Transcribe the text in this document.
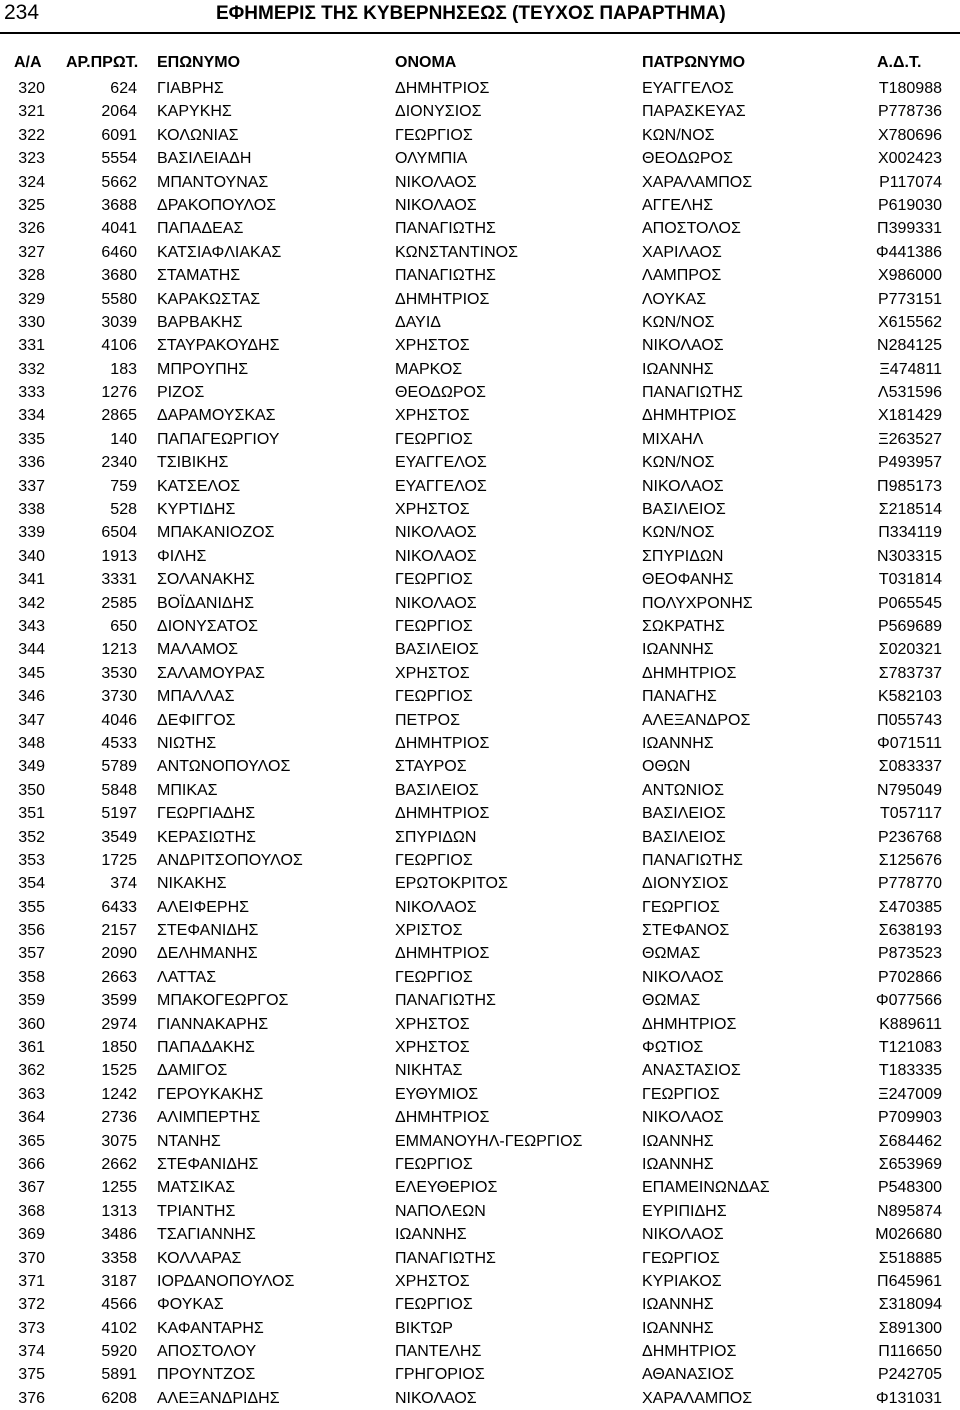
234	ΕΦΗΜΕΡΙΣ ΤΗΣ ΚΥΒΕΡΝΗΣΕΩΣ (ΤΕΥΧΟΣ ΠΑΡΑΡΤΗΜΑ)
Α/Α ΑΡ.ΠΡΩΤ. ΕΠΩΝΥΜΟ	ΟΝΟΜΑ	ΠΑΤΡΩΝΥΜΟ	Α.Δ.Τ.
320	624 ΓΙΑΒΡΗΣ	ΔΗΜΗΤΡΙΟΣ	ΕΥΑΓΓΕΛΟΣ	Τ180988
321	2064 ΚΑΡΥΚΗΣ	ΔΙΟΝΥΣΙΟΣ	ΠΑΡΑΣΚΕΥΑΣ	Ρ778736
322	6091 ΚΟΛΩΝΙΑΣ	ΓΕΩΡΓΙΟΣ	ΚΩΝ/ΝΟΣ	Χ780696
323	5554 ΒΑΣΙΛΕΙΑΔΗ	ΟΛΥΜΠΙΑ	ΘΕΟΔΩΡΟΣ	Χ002423
324	5662 ΜΠΑΝΤΟΥΝΑΣ	ΝΙΚΟΛΑΟΣ	ΧΑΡΑΛΑΜΠΟΣ	Ρ117074
325	3688 ΔΡΑΚΟΠΟΥΛΟΣ	ΝΙΚΟΛΑΟΣ	ΑΓΓΕΛΗΣ	Ρ619030
326	4041 ΠΑΠΑΔΕΑΣ	ΠΑΝΑΓΙΩΤΗΣ	ΑΠΟΣΤΟΛΟΣ	Π399331
327	6460 ΚΑΤΣΙΑΦΛΙΑΚΑΣ	ΚΩΝΣΤΑΝΤΙΝΟΣ	ΧΑΡΙΛΑΟΣ	Φ441386
328	3680 ΣΤΑΜΑΤΗΣ	ΠΑΝΑΓΙΩΤΗΣ	ΛΑΜΠΡΟΣ	Χ986000
329	5580 ΚΑΡΑΚΩΣΤΑΣ	ΔΗΜΗΤΡΙΟΣ	ΛΟΥΚΑΣ	Ρ773151
330	3039 ΒΑΡΒΑΚΗΣ	ΔΑΥΙΔ	ΚΩΝ/ΝΟΣ	Χ615562
331	4106 ΣΤΑΥΡΑΚΟΥΔΗΣ	ΧΡΗΣΤΟΣ	ΝΙΚΟΛΑΟΣ	Ν284125
332	183 ΜΠΡΟΥΠΗΣ	ΜΑΡΚΟΣ	ΙΩΑΝΝΗΣ	Ξ474811
333	1276 ΡΙΖΟΣ	ΘΕΟΔΩΡΟΣ	ΠΑΝΑΓΙΩΤΗΣ	Λ531596
334	2865 ΔΑΡΑΜΟΥΣΚΑΣ	ΧΡΗΣΤΟΣ	ΔΗΜΗΤΡΙΟΣ	Χ181429
335	140 ΠΑΠΑΓΕΩΡΓΙΟΥ	ΓΕΩΡΓΙΟΣ	ΜΙΧΑΗΛ	Ξ263527
336	2340 ΤΣΙΒΙΚΗΣ	ΕΥΑΓΓΕΛΟΣ	ΚΩΝ/ΝΟΣ	Ρ493957
337	759 ΚΑΤΣΕΛΟΣ	ΕΥΑΓΓΕΛΟΣ	ΝΙΚΟΛΑΟΣ	Π985173
338	528 ΚΥΡΤΙΔΗΣ	ΧΡΗΣΤΟΣ	ΒΑΣΙΛΕΙΟΣ	Σ218514
339	6504 ΜΠΑΚΑΝΙΟΖΟΣ	ΝΙΚΟΛΑΟΣ	ΚΩΝ/ΝΟΣ	Π334119
340	1913 ΦΙΛΗΣ	ΝΙΚΟΛΑΟΣ	ΣΠΥΡΙΔΩΝ	Ν303315
341	3331 ΣΟΛΑΝΑΚΗΣ	ΓΕΩΡΓΙΟΣ	ΘΕΟΦΑΝΗΣ	Τ031814
342	2585 ΒΟΪΔΑΝΙΔΗΣ	ΝΙΚΟΛΑΟΣ	ΠΟΛΥΧΡΟΝΗΣ	Ρ065545
343	650 ΔΙΟΝΥΣΑΤΟΣ	ΓΕΩΡΓΙΟΣ	ΣΩΚΡΑΤΗΣ	Ρ569689
344	1213 ΜΑΛΑΜΟΣ	ΒΑΣΙΛΕΙΟΣ	ΙΩΑΝΝΗΣ	Σ020321
345	3530 ΣΑΛΑΜΟΥΡΑΣ	ΧΡΗΣΤΟΣ	ΔΗΜΗΤΡΙΟΣ	Σ783737
346	3730 ΜΠΑΛΛΑΣ	ΓΕΩΡΓΙΟΣ	ΠΑΝΑΓΗΣ	Κ582103
347	4046 ΔΕΦΙΓΓΟΣ	ΠΕΤΡΟΣ	ΑΛΕΞΑΝΔΡΟΣ	Π055743
348	4533 ΝΙΩΤΗΣ	ΔΗΜΗΤΡΙΟΣ	ΙΩΑΝΝΗΣ	Φ071511
349	5789 ΑΝΤΩΝΟΠΟΥΛΟΣ	ΣΤΑΥΡΟΣ	ΟΘΩΝ	Σ083337
350	5848 ΜΠΙΚΑΣ	ΒΑΣΙΛΕΙΟΣ	ΑΝΤΩΝΙΟΣ	Ν795049
351	5197 ΓΕΩΡΓΙΑΔΗΣ	ΔΗΜΗΤΡΙΟΣ	ΒΑΣΙΛΕΙΟΣ	Τ057117
352	3549 ΚΕΡΑΣΙΩΤΗΣ	ΣΠΥΡΙΔΩΝ	ΒΑΣΙΛΕΙΟΣ	Ρ236768
353	1725 ΑΝΔΡΙΤΣΟΠΟΥΛΟΣ	ΓΕΩΡΓΙΟΣ	ΠΑΝΑΓΙΩΤΗΣ	Σ125676
354	374 ΝΙΚΑΚΗΣ	ΕΡΩΤΟΚΡΙΤΟΣ	ΔΙΟΝΥΣΙΟΣ	Ρ778770
355	6433 ΑΛΕΙΦΕΡΗΣ	ΝΙΚΟΛΑΟΣ	ΓΕΩΡΓΙΟΣ	Σ470385
356	2157 ΣΤΕΦΑΝΙΔΗΣ	ΧΡΙΣΤΟΣ	ΣΤΕΦΑΝΟΣ	Σ638193
357	2090 ΔΕΛΗΜΑΝΗΣ	ΔΗΜΗΤΡΙΟΣ	ΘΩΜΑΣ	Ρ873523
358	2663 ΛΑΤΤΑΣ	ΓΕΩΡΓΙΟΣ	ΝΙΚΟΛΑΟΣ	Ρ702866
359	3599 ΜΠΑΚΟΓΕΩΡΓΟΣ	ΠΑΝΑΓΙΩΤΗΣ	ΘΩΜΑΣ	Φ077566
360	2974 ΓΙΑΝΝΑΚΑΡΗΣ	ΧΡΗΣΤΟΣ	ΔΗΜΗΤΡΙΟΣ	Κ889611
361	1850 ΠΑΠΑΔΑΚΗΣ	ΧΡΗΣΤΟΣ	ΦΩΤΙΟΣ	Τ121083
362	1525 ΔΑΜΙΓΟΣ	ΝΙΚΗΤΑΣ	ΑΝΑΣΤΑΣΙΟΣ	Τ183335
363	1242 ΓΕΡΟΥΚΑΚΗΣ	ΕΥΘΥΜΙΟΣ	ΓΕΩΡΓΙΟΣ	Ξ247009
364	2736 ΑΛΙΜΠΕΡΤΗΣ	ΔΗΜΗΤΡΙΟΣ	ΝΙΚΟΛΑΟΣ	Ρ709903
365	3075 ΝΤΑΝΗΣ	ΕΜΜΑΝΟΥΗΛ-ΓΕΩΡΓΙΟΣ	ΙΩΑΝΝΗΣ	Σ684462
366	2662 ΣΤΕΦΑΝΙΔΗΣ	ΓΕΩΡΓΙΟΣ	ΙΩΑΝΝΗΣ	Σ653969
367	1255 ΜΑΤΣΙΚΑΣ	ΕΛΕΥΘΕΡΙΟΣ	ΕΠΑΜΕΙΝΩΝΔΑΣ	Ρ548300
368	1313 ΤΡΙΑΝΤΗΣ	ΝΑΠΟΛΕΩΝ	ΕΥΡΙΠΙΔΗΣ	Ν895874
369	3486 ΤΣΑΓΙΑΝΝΗΣ	ΙΩΑΝΝΗΣ	ΝΙΚΟΛΑΟΣ	Μ026680
370	3358 ΚΟΛΛΑΡΑΣ	ΠΑΝΑΓΙΩΤΗΣ	ΓΕΩΡΓΙΟΣ	Σ518885
371	3187 ΙΟΡΔΑΝΟΠΟΥΛΟΣ	ΧΡΗΣΤΟΣ	ΚΥΡΙΑΚΟΣ	Π645961
372	4566 ΦΟΥΚΑΣ	ΓΕΩΡΓΙΟΣ	ΙΩΑΝΝΗΣ	Σ318094
373	4102 ΚΑΦΑΝΤΑΡΗΣ	ΒΙΚΤΩΡ	ΙΩΑΝΝΗΣ	Σ891300
374	5920 ΑΠΟΣΤΟΛΟΥ	ΠΑΝΤΕΛΗΣ	ΔΗΜΗΤΡΙΟΣ	Π116650
375	5891 ΠΡΟΥΝΤΖΟΣ	ΓΡΗΓΟΡΙΟΣ	ΑΘΑΝΑΣΙΟΣ	Ρ242705
376	6208 ΑΛΕΞΑΝΔΡΙΔΗΣ	ΝΙΚΟΛΑΟΣ	ΧΑΡΑΛΑΜΠΟΣ	Φ131031
